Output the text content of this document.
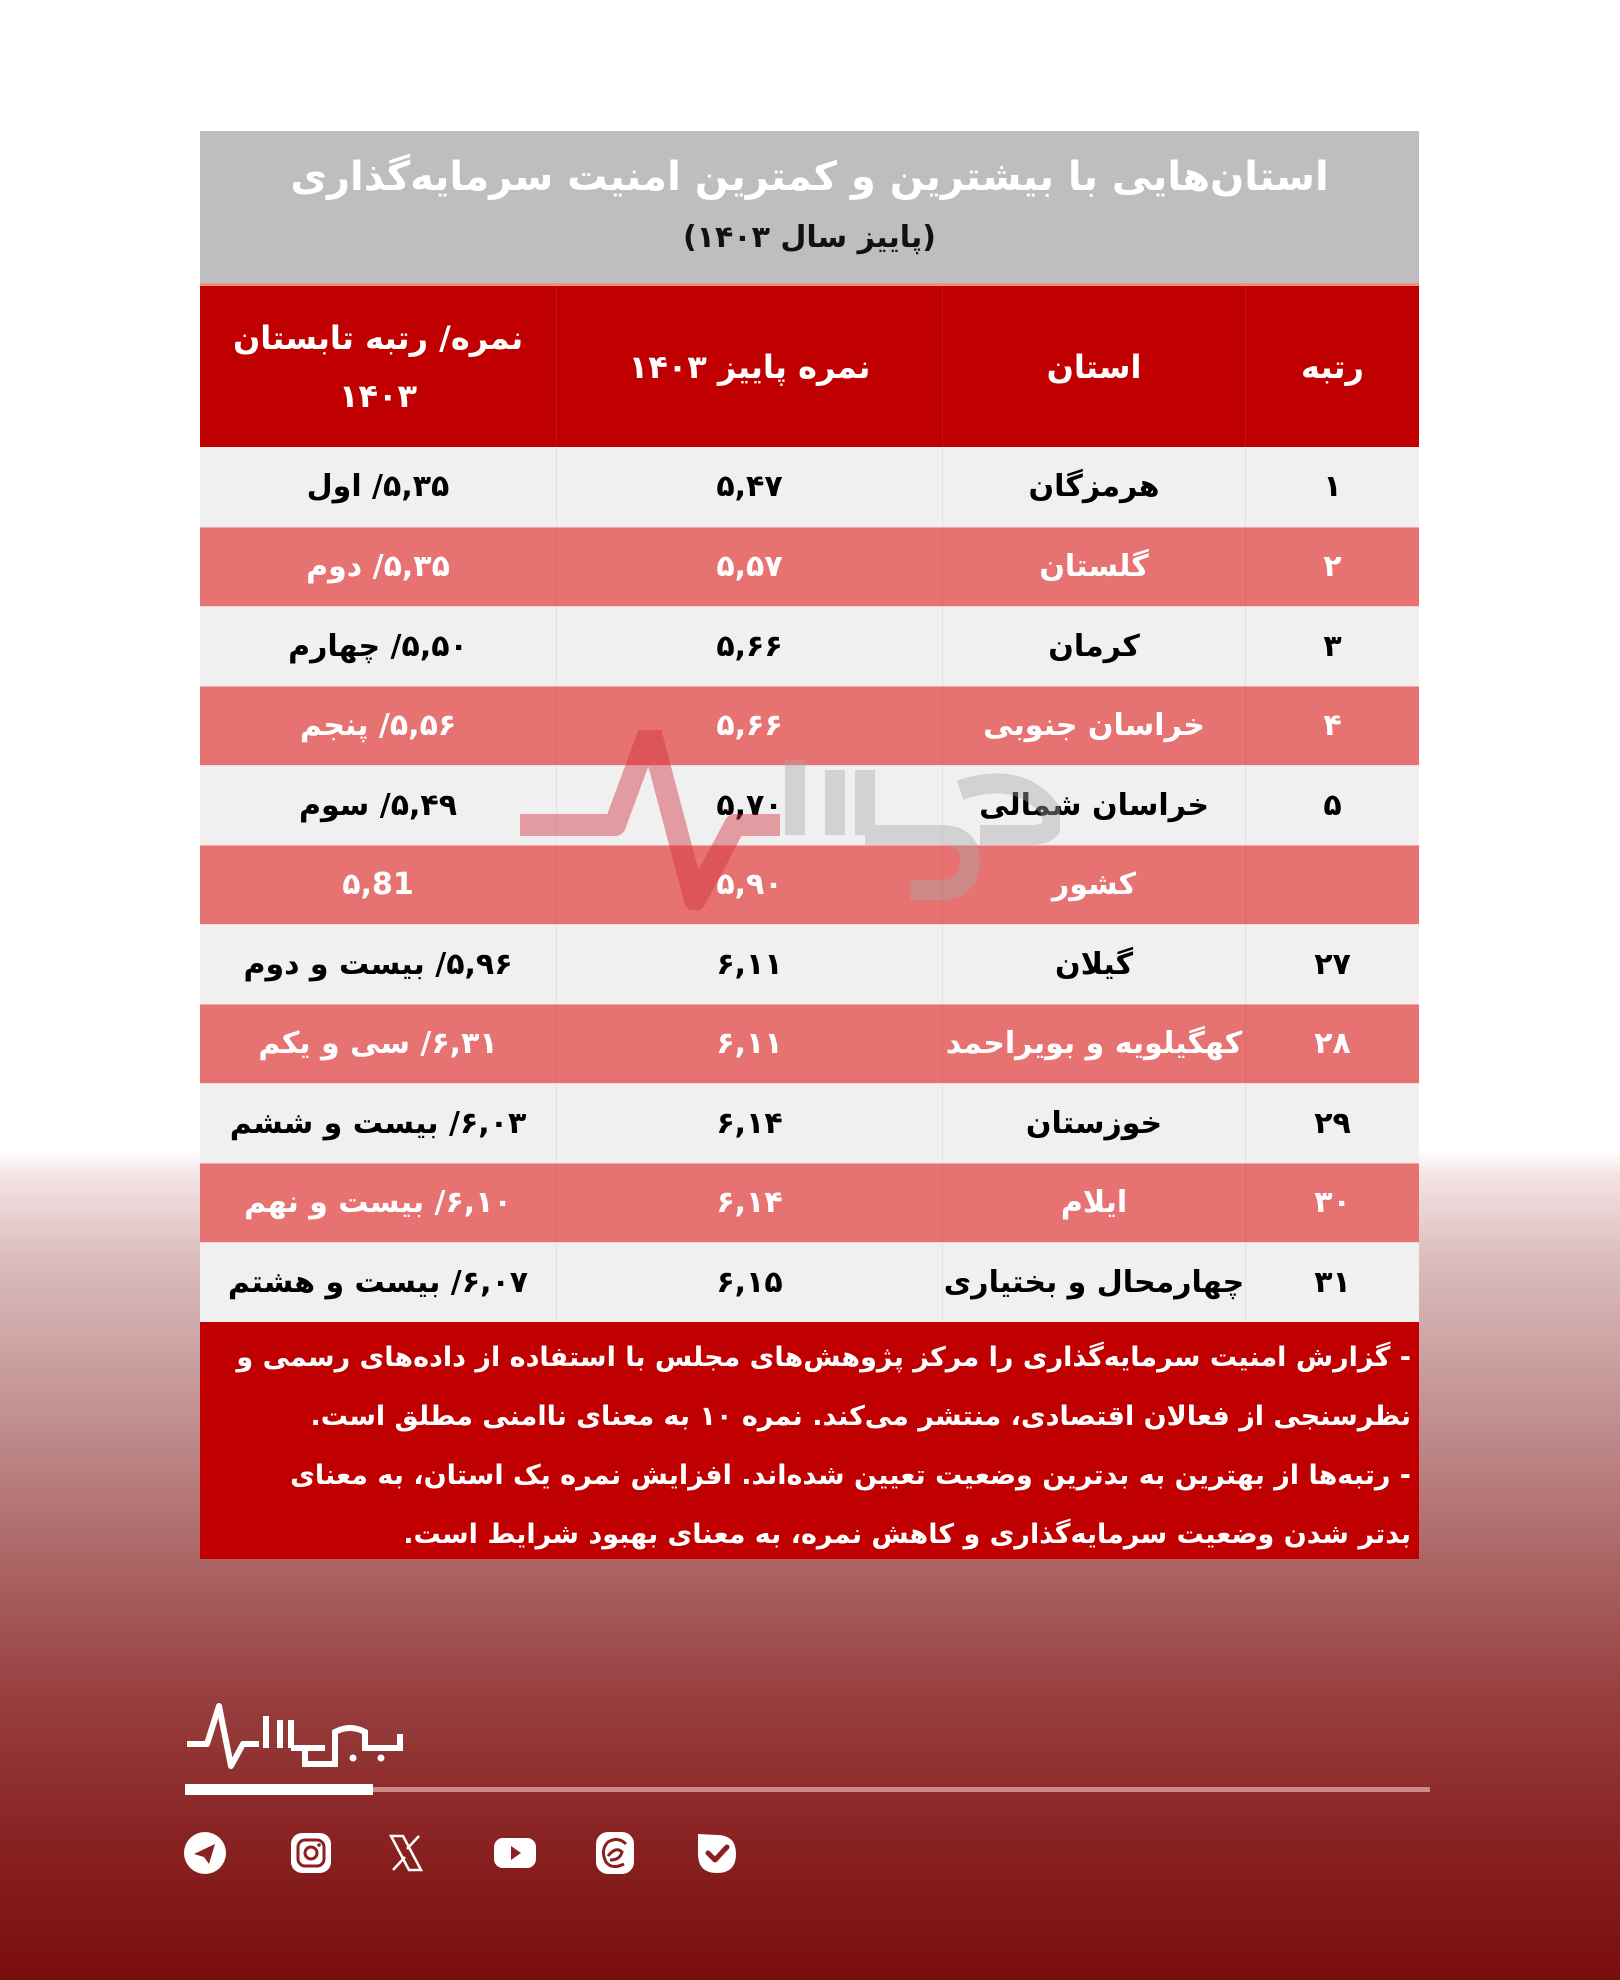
استان‌هایی با بیشترین و کمترین امنیت سرمایه‌گذاری
(پاییز سال ۱۴۰۳)
رتبه
استان
نمره پاییز ۱۴۰۳
نمره/ رتبه تابستان
۱۴۰۳
۱
هرمزگان
۵,۴۷
۵,۳۵/ اول
۲
گلستان
۵,۵۷
۵,۳۵/ دوم
۳
کرمان
۵,۶۶
۵,۵۰/ چهارم
۴
خراسان جنوبی
۵,۶۶
۵,۵۶/ پنجم
۵
خراسان شمالی
۵,۷۰
۵,۴۹/ سوم
کشور
۵,۹۰
۵,81
۲۷
گیلان
۶,۱۱
۵,۹۶/ بیست و دوم
۲۸
کهگیلویه و بویراحمد
۶,۱۱
۶,۳۱/ سی و یکم
۲۹
خوزستان
۶,۱۴
۶,۰۳/ بیست و ششم
۳۰
ایلام
۶,۱۴
۶,۱۰/ بیست و نهم
۳۱
چهارمحال و بختیاری
۶,۱۵
۶,۰۷/ بیست و هشتم

- گزارش امنیت سرمایه‌گذاری را مرکز پژوهش‌های مجلس با استفاده از داده‌های رسمی و نظرسنجی از فعالان اقتصادی، منتشر می‌کند. نمره ۱۰ به معنای ناامنی مطلق است.

- رتبه‌ها از بهترین به بدترین وضعیت تعیین شده‌اند. افزایش نمره یک استان، به معنای بدتر شدن وضعیت سرمایه‌گذاری و کاهش نمره، به معنای بهبود شرایط است.
